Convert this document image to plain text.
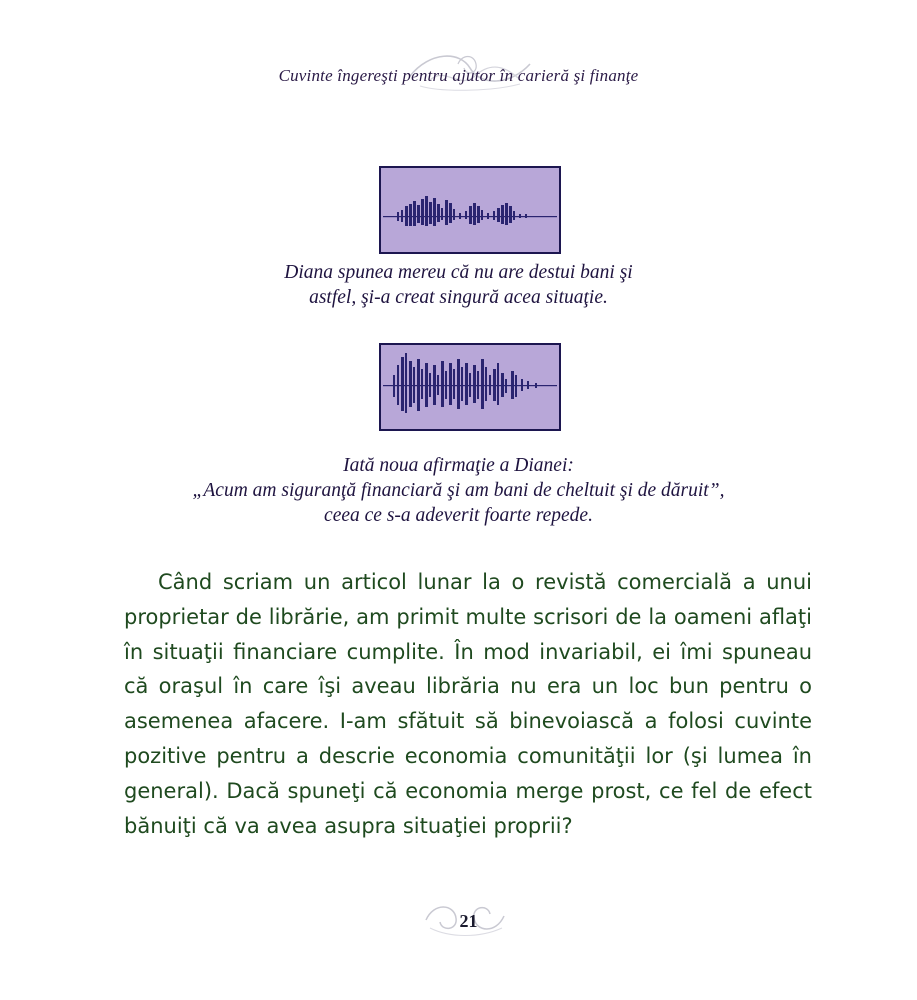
Cuvinte îngereşti pentru ajutor în carieră şi finanţe
Diana spunea mereu că nu are destui bani şi
astfel, şi-a creat singură acea situaţie.
Iată noua afirmaţie a Dianei:
„Acum am siguranţă financiară şi am bani de cheltuit şi de dăruit”,
ceea ce s-a adeverit foarte repede.

Când scriam un articol lunar la o revistă comercială a unui proprietar de librărie, am primit multe scrisori de la oameni aflaţi în situaţii financiare cumplite. În mod invariabil, ei îmi spuneau că oraşul în care îşi aveau librăria nu era un loc bun pentru o asemenea afacere. I-am sfătuit să binevoiască a folosi cuvinte pozitive pentru a descrie economia comunităţii lor (şi lumea în general). Dacă spuneţi că economia merge prost, ce fel de efect bănuiţi că va avea asupra situaţiei proprii?

21
